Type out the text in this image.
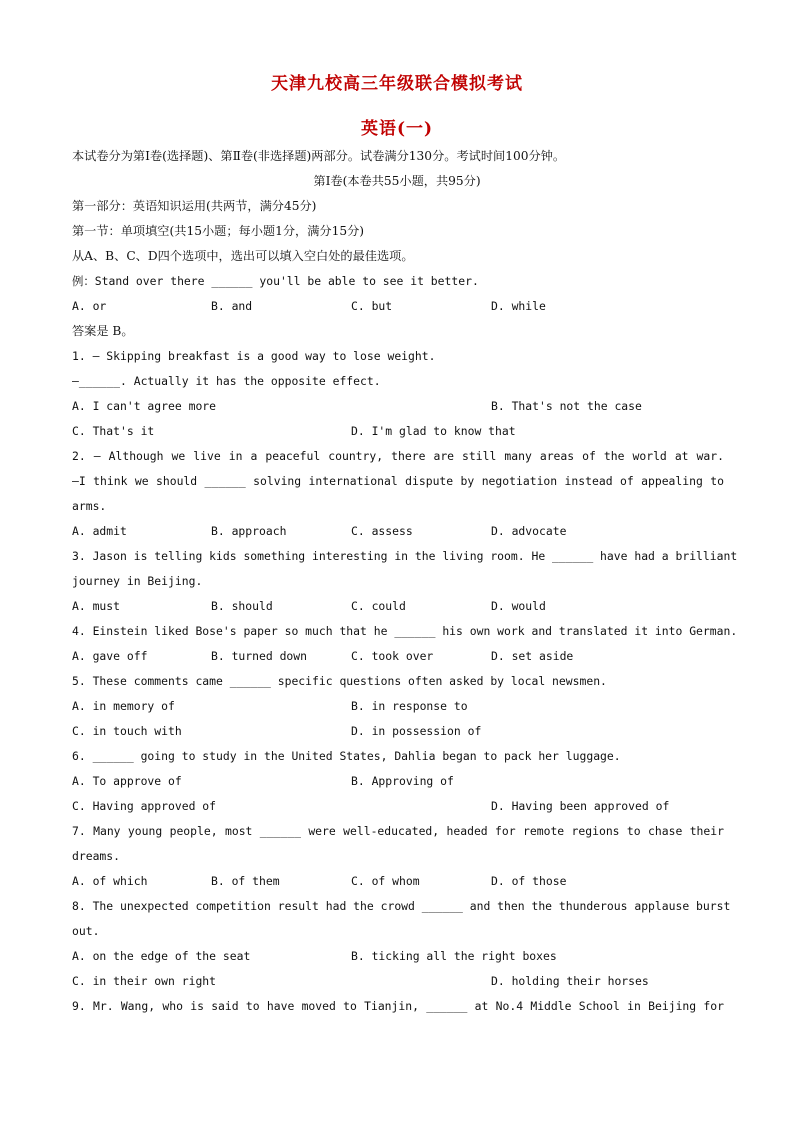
天津九校高三年级联合模拟考试
英语(一)
本试卷分为第Ⅰ卷(选择题)、第Ⅱ卷(非选择题)两部分。试卷满分130分。考试时间100分钟。
第Ⅰ卷(本卷共55小题，共95分)
第一部分：英语知识运用(共两节，满分45分)
第一节：单项填空(共15小题；每小题1分，满分15分)
从A、B、C、D四个选项中，选出可以填入空白处的最佳选项。
例：Stand over there ______ you'll be able to see it better.
A. or	B. and	C. but	D. while
答案是 B。
1. — Skipping breakfast is a good way to lose weight.
—______. Actually it has the opposite effect.
A. I can't agree more	B. That's not the case
C. That's it	D. I'm glad to know that
2. — Although we live in a peaceful country, there are still many areas of the world at war.
—I think we should ______ solving international dispute by negotiation instead of appealing to
arms.
A. admit	B. approach	C. assess	D. advocate
3. Jason is telling kids something interesting in the living room. He ______ have had a brilliant
journey in Beijing.
A. must	B. should	C. could	D. would
4. Einstein liked Bose's paper so much that he ______ his own work and translated it into German.
A. gave off	B. turned down	C. took over	D. set aside
5. These comments came ______ specific questions often asked by local newsmen.
A. in memory of	B. in response to
C. in touch with	D. in possession of
6. ______ going to study in the United States, Dahlia began to pack her luggage.
A. To approve of	B. Approving of
C. Having approved of	D. Having been approved of
7. Many young people, most ______ were well-educated, headed for remote regions to chase their
dreams.
A. of which	B. of them	C. of whom	D. of those
8. The unexpected competition result had the crowd ______ and then the thunderous applause burst
out.
A. on the edge of the seat	B. ticking all the right boxes
C. in their own right	D. holding their horses
9. Mr. Wang, who is said to have moved to Tianjin, ______ at No.4 Middle School in Beijing for
